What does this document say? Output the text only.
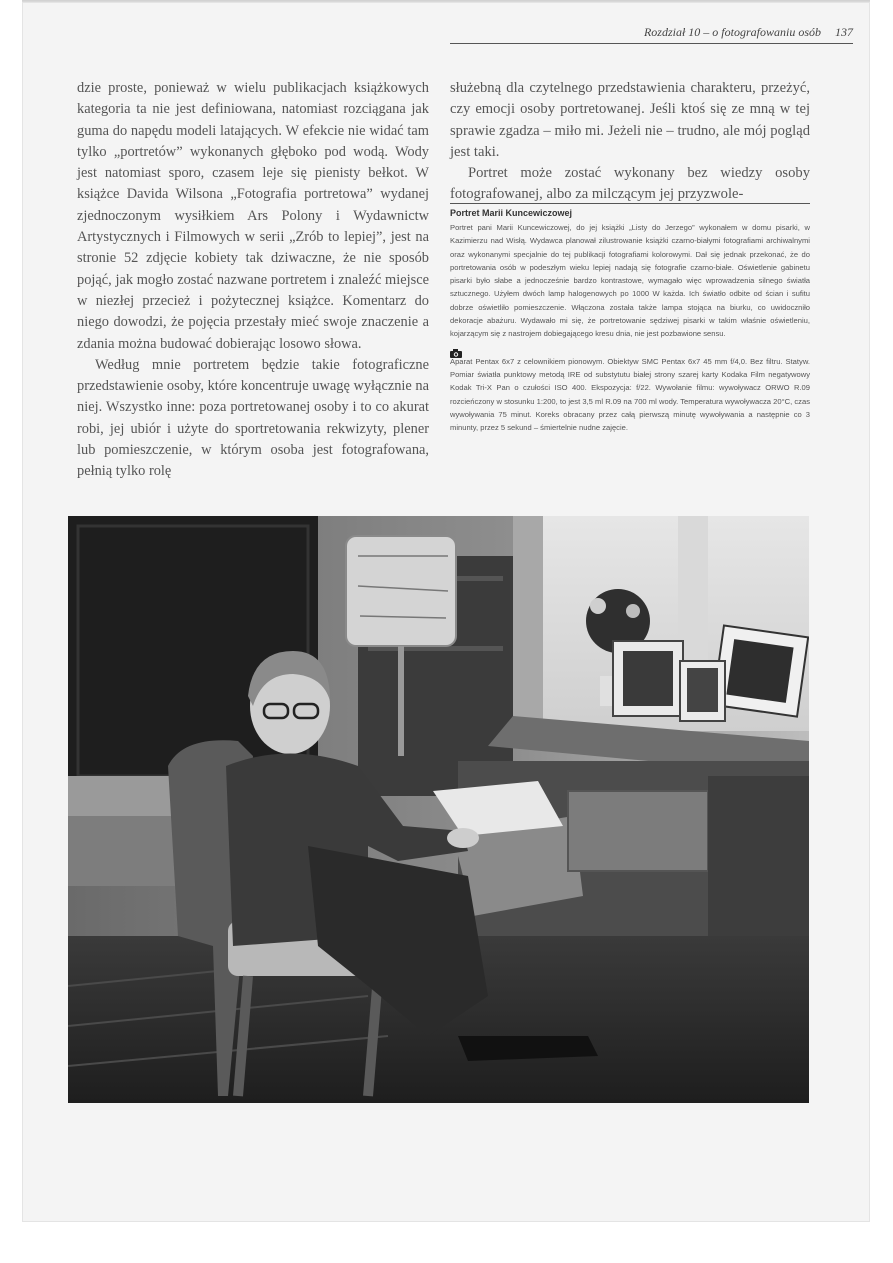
Rozdział 10 – o fotografowaniu osób 137

dzie proste, ponieważ w wielu publikacjach książkowych kategoria ta nie jest definiowana, natomiast rozciągana jak guma do napędu modeli latających. W efekcie nie widać tam tylko „portretów” wykonanych głęboko pod wodą. Wody jest natomiast sporo, czasem leje się pienisty bełkot. W książce Davida Wilsona „Fotografia portretowa” wydanej zjednoczonym wysiłkiem Ars Polony i Wydawnictw Artystycznych i Filmowych w serii „Zrób to lepiej”, jest na stronie 52 zdjęcie kobiety tak dziwaczne, że nie sposób pojąć, jak mogło zostać nazwane portretem i znaleźć miejsce w niezłej przecież i pożytecznej książce. Komentarz do niego dowodzi, że pojęcia przestały mieć swoje znaczenie a zdania można budować dobierając losowo słowa.

Według mnie portretem będzie takie fotograficzne przedstawienie osoby, które koncentruje uwagę wyłącznie na niej. Wszystko inne: poza portretowanej osoby i to co akurat robi, jej ubiór i użyte do sportretowania rekwizyty, plener lub pomieszczenie, w którym osoba jest fotografowana, pełnią tylko rolę

służebną dla czytelnego przedstawienia charakteru, przeżyć, czy emocji osoby portretowanej. Jeśli ktoś się ze mną w tej sprawie zgadza – miło mi. Jeżeli nie – trudno, ale mój pogląd jest taki.

Portret może zostać wykonany bez wiedzy osoby fotografowanej, albo za milczącym jej przyzwole-

Portret Marii Kuncewiczowej

Portret pani Marii Kuncewiczowej, do jej książki „Listy do Jerzego” wykonałem w domu pisarki, w Kazimierzu nad Wisłą. Wydawca planował zilustrowanie książki czarno-białymi fotografiami archiwalnymi oraz wykonanymi specjalnie do tej publikacji fotografiami kolorowymi. Dał się jednak przekonać, że do portretowania osób w podeszłym wieku lepiej nadają się fotografie czarno-białe. Oświetlenie gabinetu pisarki było słabe a jednocześnie bardzo kontrastowe, wymagało więc wprowadzenia silnego światła sztucznego. Użyłem dwóch lamp halogenowych po 1000 W każda. Ich światło odbite od ścian i sufitu dobrze oświetliło pomieszczenie. Włączona została także lampa stojąca na biurku, co uwidoczniło dekoracje abażuru. Wydawało mi się, że portretowanie sędziwej pisarki w takim właśnie oświetleniu, kojarzącym się z nastrojem dobiegającego kresu dnia, nie jest pozbawione sensu.

Aparat Pentax 6x7 z celownikiem pionowym. Obiektyw SMC Pentax 6x7 45 mm f/4,0. Bez filtru. Statyw. Pomiar światła punktowy metodą IRE od substytutu białej strony szarej karty Kodaka Film negatywowy Kodak Tri-X Pan o czułości ISO 400. Ekspozycja: f/22. Wywołanie filmu: wywoływacz ORWO R.09 rozcieńczony w stosunku 1:200, to jest 3,5 ml R.09 na 700 ml wody. Temperatura wywoływacza 20°C, czas wywoływania 75 minut. Koreks obracany przez całą pierwszą minutę wywoływania a następnie co 3 minunty, przez 5 sekund – śmiertelnie nudne zajęcie.
